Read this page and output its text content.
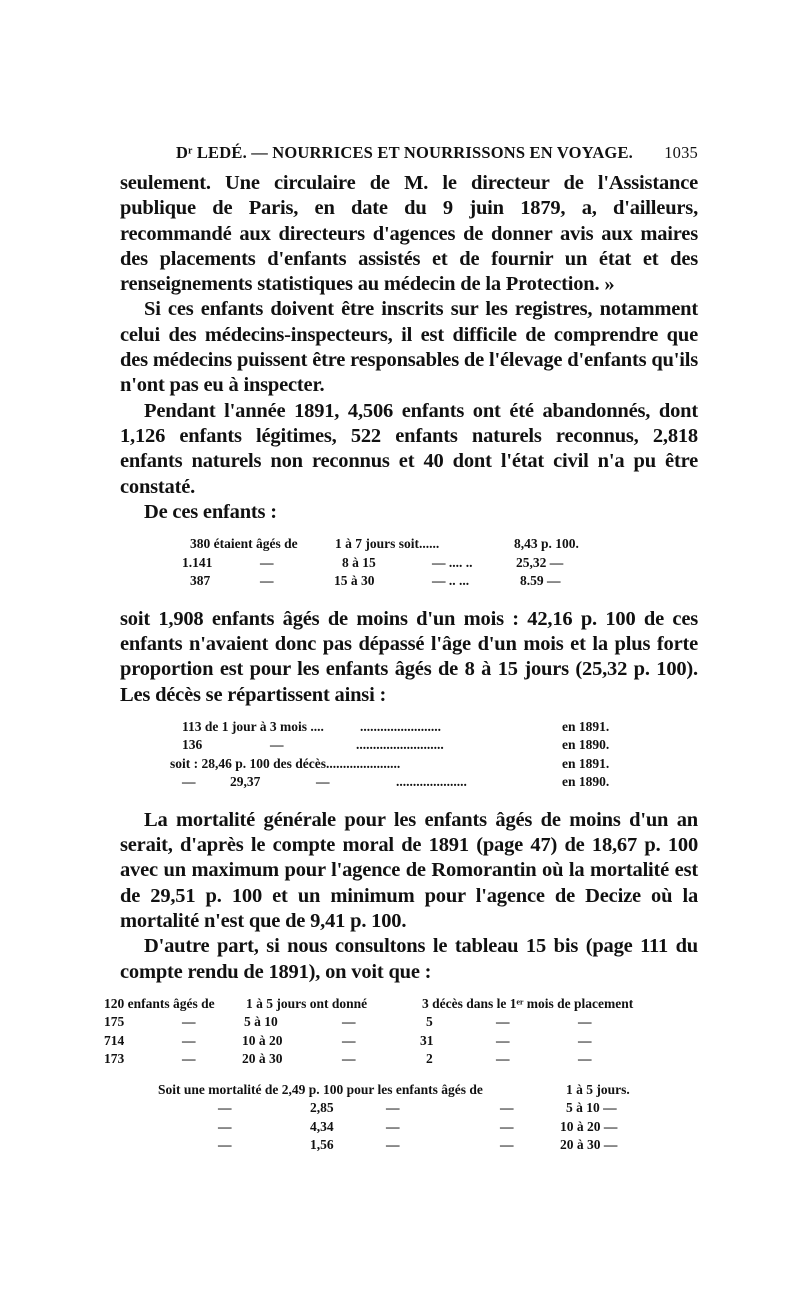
Dʳ LEDÉ. — NOURRICES ET NOURRISSONS EN VOYAGE. 1035

seulement. Une circulaire de M. le directeur de l'Assistance publique de Paris, en date du 9 juin 1879, a, d'ailleurs, recommandé aux directeurs d'agences de donner avis aux maires des placements d'enfants assistés et de fournir un état et des renseignements statistiques au médecin de la Protection. »

Si ces enfants doivent être inscrits sur les registres, notamment celui des médecins-inspecteurs, il est difficile de comprendre que des médecins puissent être responsables de l'élevage d'enfants qu'ils n'ont pas eu à inspecter.

Pendant l'année 1891, 4,506 enfants ont été abandonnés, dont 1,126 enfants légitimes, 522 enfants naturels reconnus, 2,818 enfants naturels non reconnus et 40 dont l'état civil n'a pu être constaté.

De ces enfants :

380 étaient âgés de	1 à 7 jours soit......	8,43 p. 100.
1.141	—	8 à 15	— .... ..	25,32 —
387	—	15 à 30	— .. ...	8.59 —

soit 1,908 enfants âgés de moins d'un mois : 42,16 p. 100 de ces enfants n'avaient donc pas dépassé l'âge d'un mois et la plus forte proportion est pour les enfants âgés de 8 à 15 jours (25,32 p. 100). Les décès se répartissent ainsi :

113 de 1 jour à 3 mois ....	........................	en 1891.
136	—	..........................	en 1890.
soit : 28,46 p. 100 des décès......................	en 1891.
—	29,37	—	.....................	en 1890.

La mortalité générale pour les enfants âgés de moins d'un an serait, d'après le compte moral de 1891 (page 47) de 18,67 p. 100 avec un maximum pour l'agence de Romorantin où la mortalité est de 29,51 p. 100 et un minimum pour l'agence de Decize où la mortalité n'est que de 9,41 p. 100.

D'autre part, si nous consultons le tableau 15 bis (page 111 du compte rendu de 1891), on voit que :

120 enfants âgés de 1 à 5 jours ont donné	3 décès dans le 1ᵉʳ mois de placement
175	—	5 à 10	—	5	—	—
714	—	10 à 20	—	31	—	—
173	—	20 à 30	—	2	—	—
Soit une mortalité de 2,49 p. 100 pour les enfants âgés de	1 à 5 jours.
—	2,85	—	—	5 à 10 —
—	4,34	—	—	10 à 20 —
—	1,56	—	—	20 à 30 —
